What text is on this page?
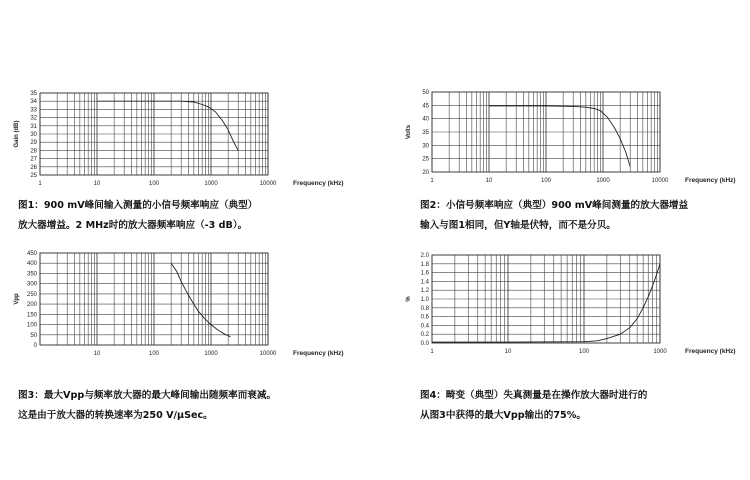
25
26
27
28
29
30
31
32
33
34
35
1	10	100	1000	10000	Frequency (kHz)
Gain (dB)
20
25
30
35
40
45
50
1	10	100	1000	10000	Frequency (kHz)
Volts
0
50
100
150
200
250
300
350
400
450
10	100	1000	10000	Frequency (kHz)
Vpp
0.0
0.2
0.4
0.6
0.8
1.0
1.2
1.4
1.6
1.8
2.0
1	10	100	1000	Frequency (kHz)
%
图1：900 mV峰间输入测量的小信号频率响应（典型）
放大器增益。2 MHz时的放大器频率响应（-3 dB）。
图2：小信号频率响应（典型）900 mV峰间测量的放大器增益
输入与图1相同，但Y轴是伏特，而不是分贝。
图3：最大Vpp与频率放大器的最大峰间输出随频率而衰减。
这是由于放大器的转换速率为250 V/μSec。
图4：畸变（典型）失真测量是在操作放大器时进行的
从图3中获得的最大Vpp输出的75%。
